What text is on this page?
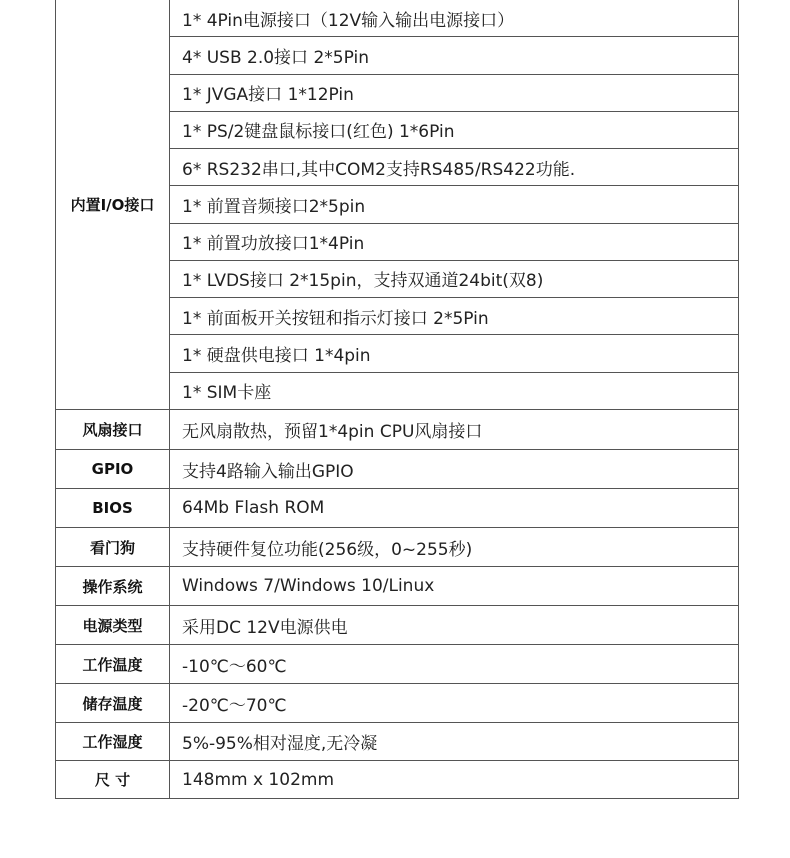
内置I/O接口
1* 4Pin电源接口（12V输入输出电源接口）
4* USB 2.0接口 2*5Pin
1* JVGA接口 1*12Pin
1* PS/2键盘鼠标接口(红色) 1*6Pin
6* RS232串口,其中COM2支持RS485/RS422功能.
1* 前置音频接口2*5pin
1* 前置功放接口1*4Pin
1* LVDS接口 2*15pin，支持双通道24bit(双8)
1* 前面板开关按钮和指示灯接口 2*5Pin
1* 硬盘供电接口 1*4pin
1* SIM卡座
风扇接口	无风扇散热，预留1*4pin CPU风扇接口
GPIO	支持4路输入输出GPIO
BIOS	64Mb Flash ROM
看门狗	支持硬件复位功能(256级，0~255秒)
操作系统	Windows 7/Windows 10/Linux
电源类型	采用DC 12V电源供电
工作温度	-10℃～60℃
储存温度	-20℃～70℃
工作湿度	5%-95%相对湿度,无冷凝
尺 寸	148mm x 102mm
